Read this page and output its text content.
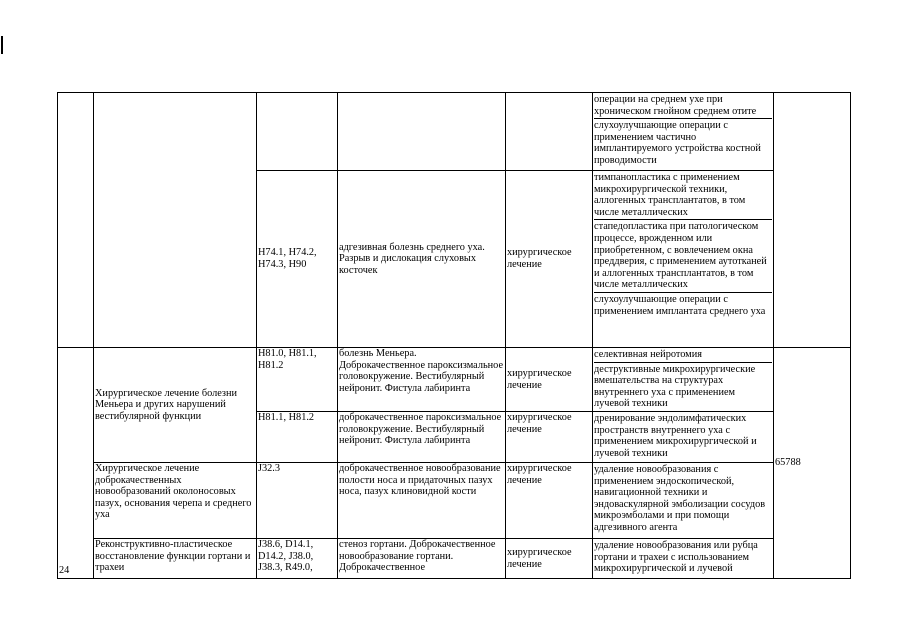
					операции на среднем ухе при хроническом гнойном среднем отите
слухоулучшающие операции с применением частично имплантируемого устройства костной проводимости	

		H74.1, H74.2, H74.3, H90	адгезивная болезнь среднего уха. Разрыв и дислокация слуховых косточек	хирургическое лечение	тимпанопластика с применением микрохирургической техники, аллогенных трансплантатов, в том числе металлических
стапедопластика при патологическом процессе, врожденном или приобретенном, с вовлечением окна преддверия, с применением аутотканей и аллогенных трансплантатов, в том числе металлических
слухоулучшающие операции с применением имплантата среднего уха	

24	Хирургическое лечение болезни Меньера и других нарушений вестибулярной функции	H81.0, H81.1, H81.2	болезнь Меньера. Доброкачественное пароксизмальное головокружение. Вестибулярный нейронит. Фистула лабиринта	хирургическое лечение	селективная нейротомия
деструктивные микрохирургические вмешательства на структурах внутреннего уха с применением лучевой техники	65788
		H81.1, H81.2	доброкачественное пароксизмальное головокружение. Вестибулярный нейронит. Фистула лабиринта	хирургическое лечение	дренирование эндолимфатических пространств внутреннего уха с применением микрохирургической и лучевой техники	

	Хирургическое лечение доброкачественных новообразований околоносовых пазух, основания черепа и среднего уха	J32.3	доброкачественное новообразование полости носа и придаточных пазух носа, пазух клиновидной кости	хирургическое лечение	удаление новообразования с применением эндоскопической, навигационной техники и эндоваскулярной эмболизации сосудов микроэмболами и при помощи адгезивного агента	

	Реконструктивно-пластическое восстановление функции гортани и трахеи	J38.6, D14.1, D14.2, J38.0, J38.3, R49.0,	стеноз гортани. Доброкачественное новообразование гортани. Доброкачественное	хирургическое лечение	удаление новообразования или рубца гортани и трахеи с использованием микрохирургической и лучевой	
